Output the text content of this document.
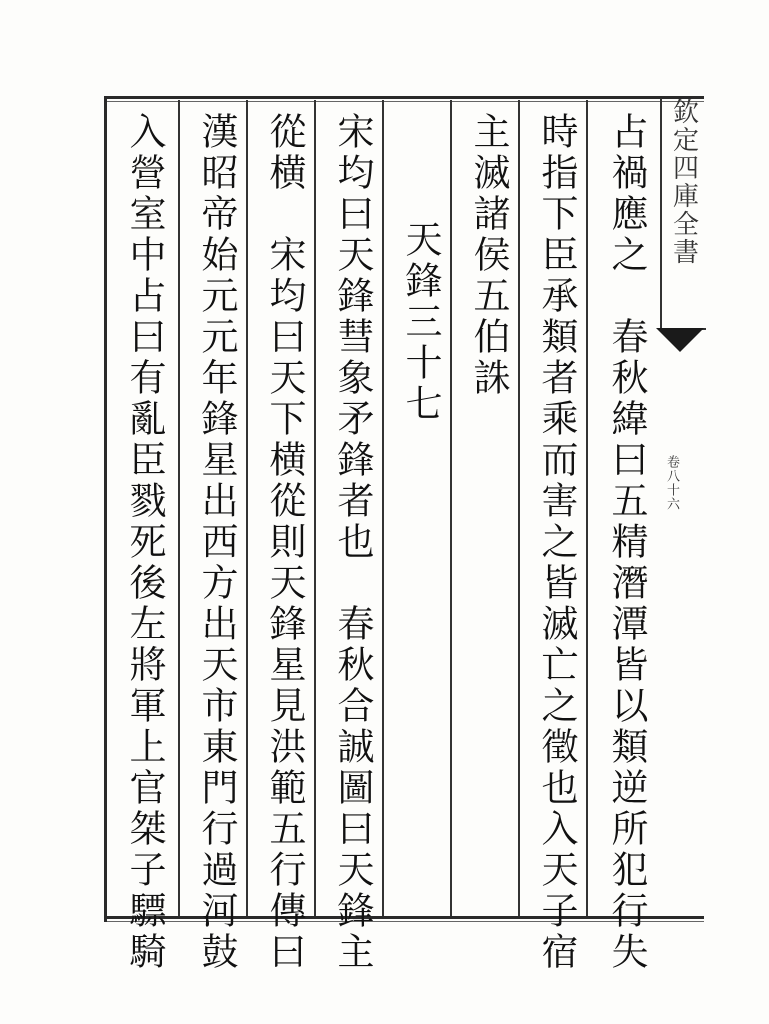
欽定四庫全書
卷八十六
占禍應之　春秋緯曰五精潛潭皆以類逆所犯行失
時指下臣承類者乘而害之皆滅亡之徵也入天子宿
主滅諸侯五伯誅
天鋒三十七
宋均曰天鋒彗象矛鋒者也　春秋合誠圖曰天鋒主
從横　宋均曰天下横從則天鋒星見洪範五行傳曰
漢昭帝始元元年鋒星出西方出天市東門行過河鼓
入營室中占曰有亂臣戮死後左將軍上官桀子驃騎
